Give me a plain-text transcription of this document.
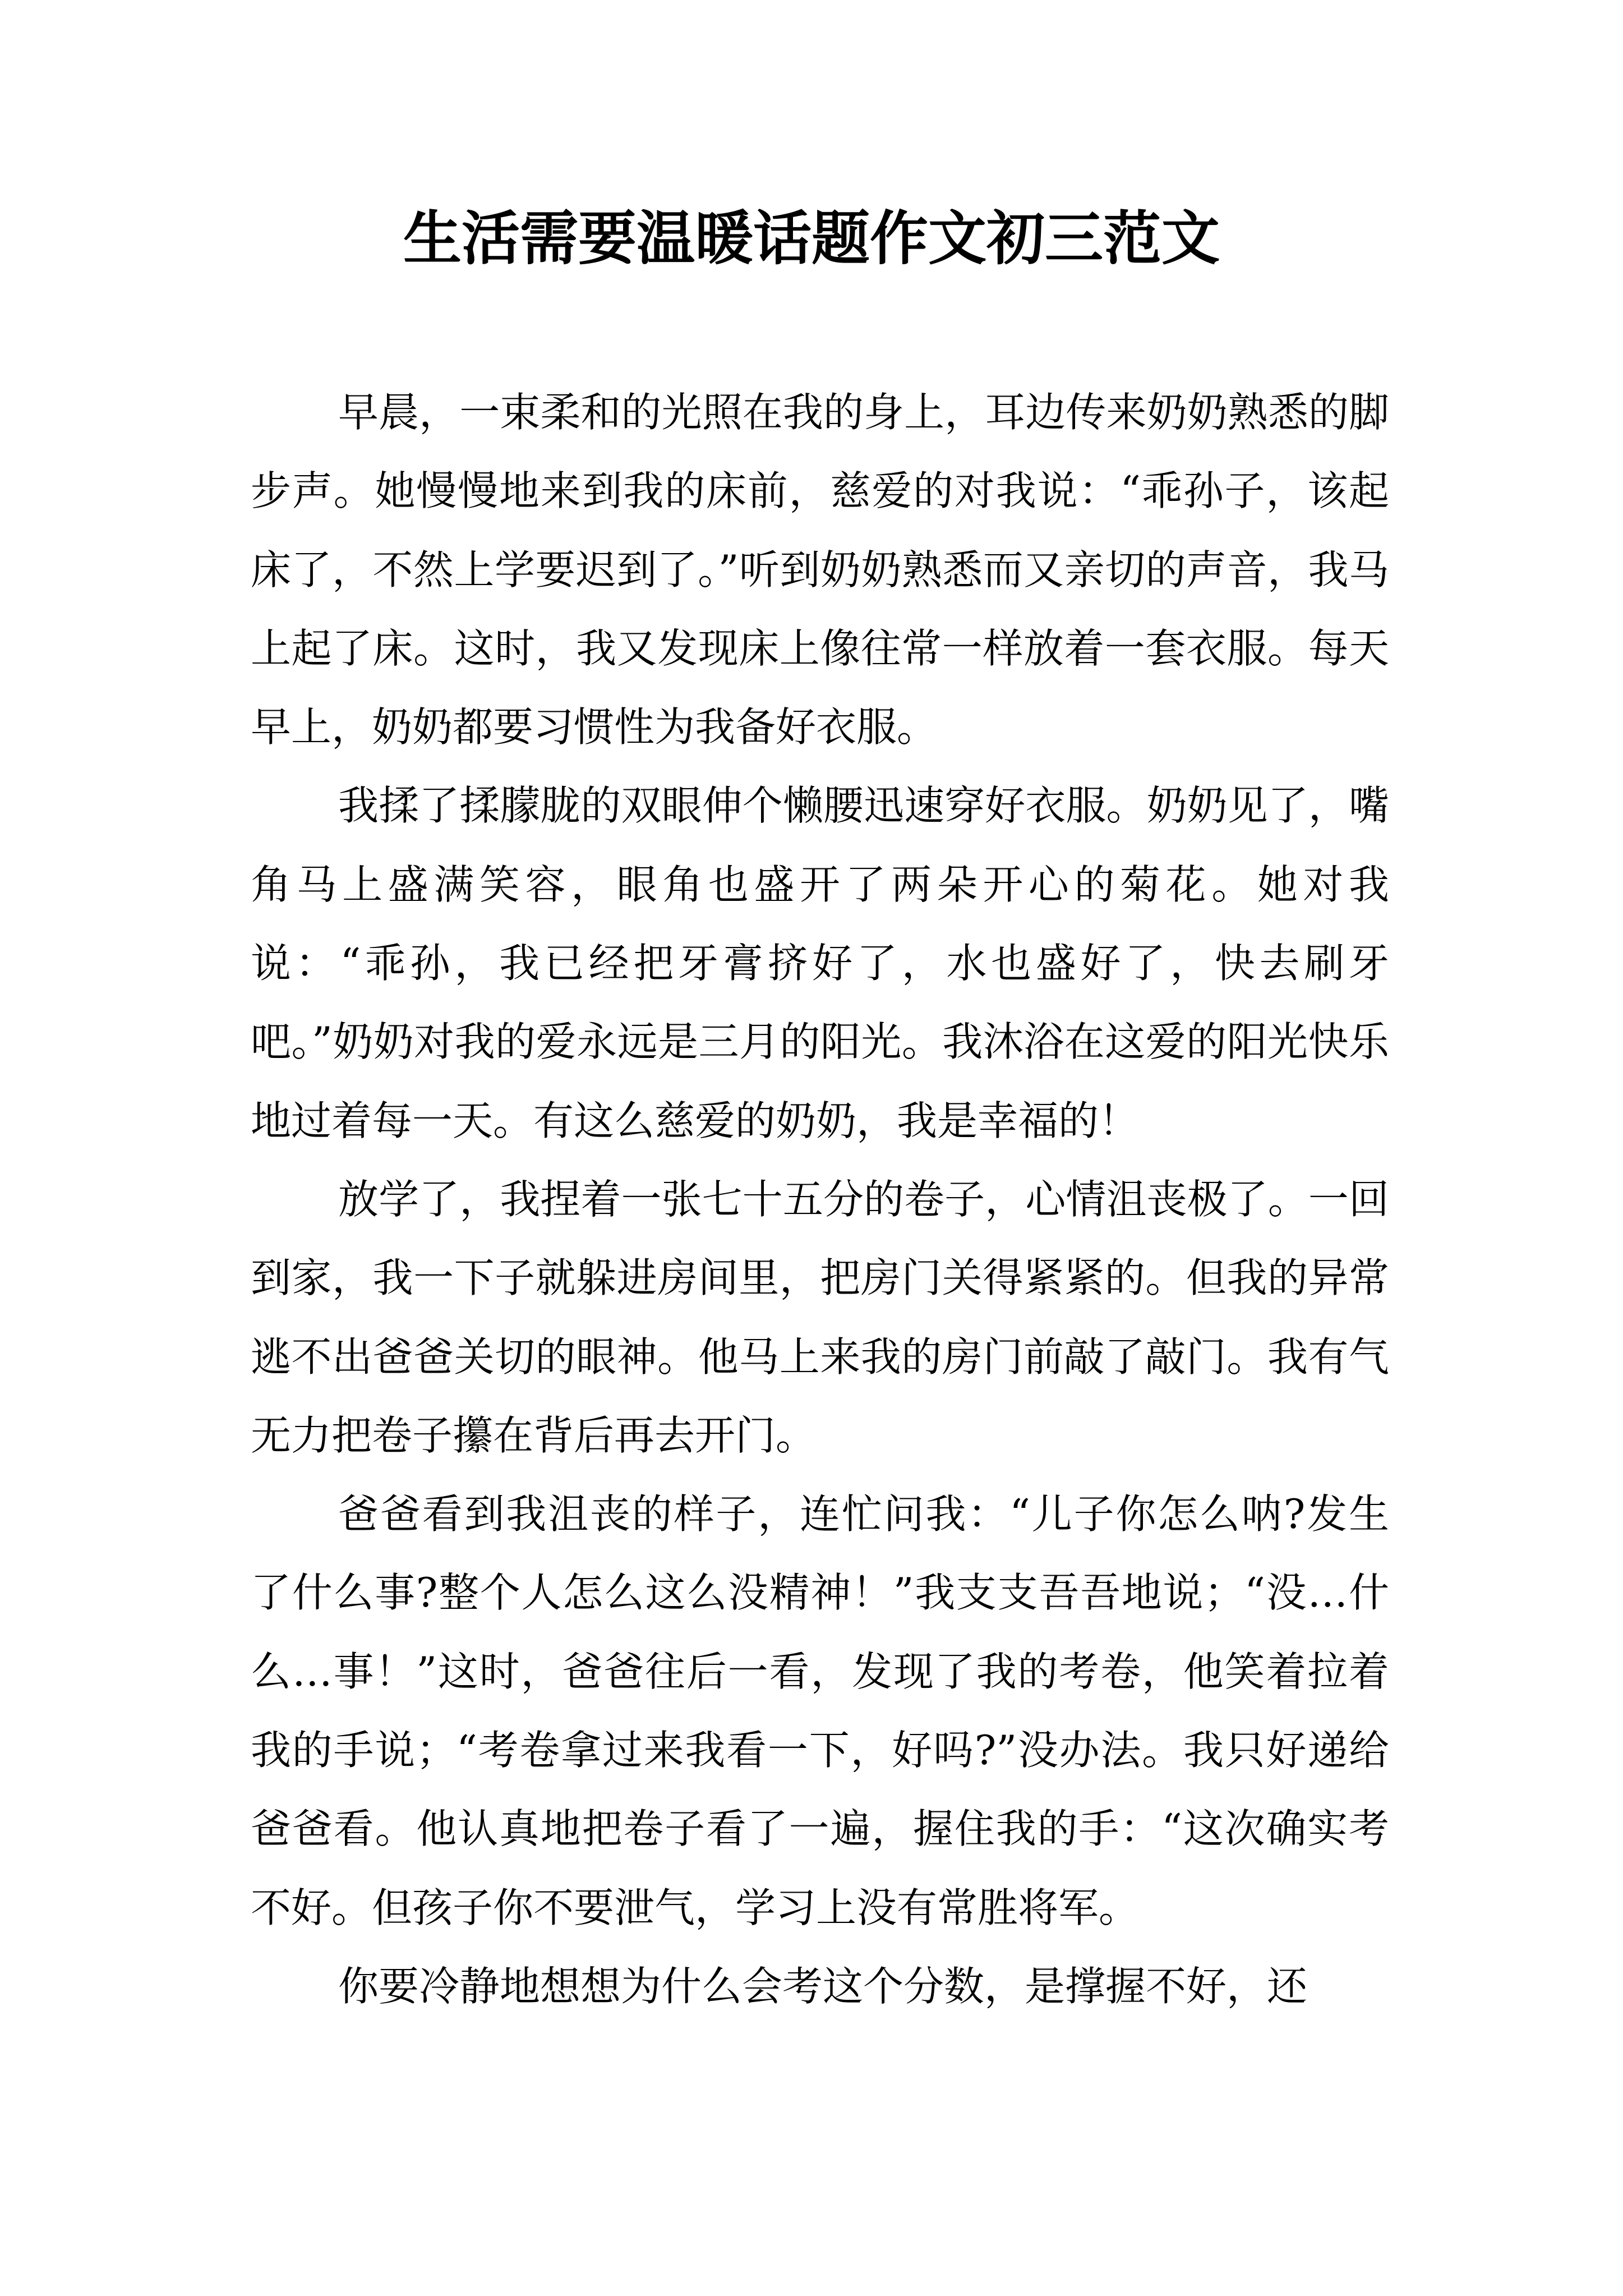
生活需要温暖话题作文初三范文

早晨，一束柔和的光照在我的身上，耳边传来奶奶熟悉的脚步声。她慢慢地来到我的床前，慈爱的对我说：“乖孙子，该起床了，不然上学要迟到了。”听到奶奶熟悉而又亲切的声音，我马上起了床。这时，我又发现床上像往常一样放着一套衣服。每天早上，奶奶都要习惯性为我备好衣服。

我揉了揉朦胧的双眼伸个懒腰迅速穿好衣服。奶奶见了，嘴角马上盛满笑容，眼角也盛开了两朵开心的菊花。她对我说：“乖孙，我已经把牙膏挤好了，水也盛好了，快去刷牙吧。”奶奶对我的爱永远是三月的阳光。我沐浴在这爱的阳光快乐地过着每一天。有这么慈爱的奶奶，我是幸福的！

放学了，我捏着一张七十五分的卷子，心情沮丧极了。一回到家，我一下子就躲进房间里，把房门关得紧紧的。但我的异常逃不出爸爸关切的眼神。他马上来我的房门前敲了敲门。我有气无力把卷子攥在背后再去开门。

爸爸看到我沮丧的样子，连忙问我：“儿子你怎么呐?发生了什么事?整个人怎么这么没精神！”我支支吾吾地说；“没…什么…事！”这时，爸爸往后一看，发现了我的考卷，他笑着拉着我的手说；“考卷拿过来我看一下，好吗?”没办法。我只好递给爸爸看。他认真地把卷子看了一遍，握住我的手：“这次确实考不好。但孩子你不要泄气，学习上没有常胜将军。

你要冷静地想想为什么会考这个分数，是撑握不好，还
